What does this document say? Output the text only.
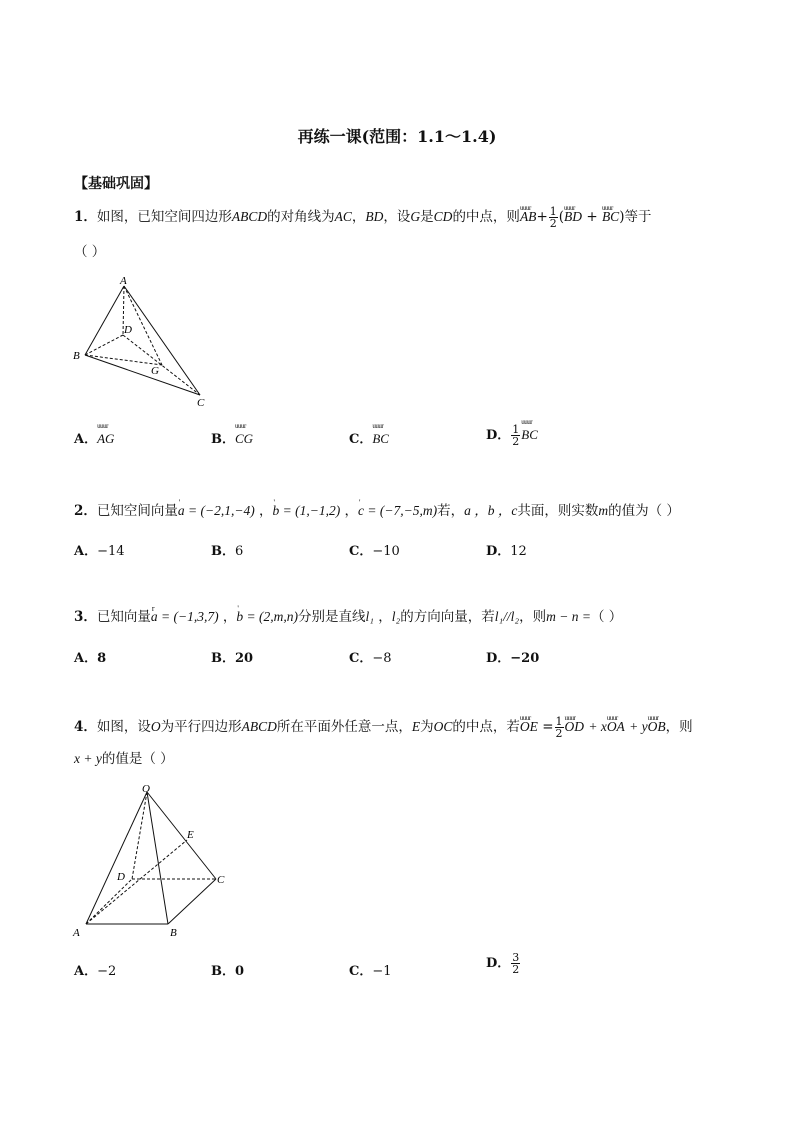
再练一课(范围：1.1～1.4)
【基础巩固】
1．如图，已知空间四边形ABCD的对角线为AC，BD，设G是CD的中点，则uuur $AB+ \frac{1}{2}$ (uuur BD + uuur BC)等于
（ ）
A
B
C
D
G
A．uuur AG	B．uuur CG	C．uuur BC	D． $\frac{1}{2}$ uuur BC
2．已知空间向量' a = (−2,1,−4) ，' b = (1,−1,2) ，' c = (−7,−5,m)若，a ，b ，c共面，则实数m的值为（ ）
A．−14	B．6	C．−10	D．12
3．已知向量r a = (−1,3,7) ，' b = (2,m,n)分别是直线l₁ ，l₂的方向向量，若l₁//l₂，则m − n =（ ）
A．8	B．20	C．−8	D．−20
4．如图，设O为平行四边形ABCD所在平面外任意一点，E为OC的中点，若uuur OE = $\frac{1}{2}$ uuur OD + xuuur OA + yuuur OB，则
x + y的值是（ ）
O
E
D	C
A	B
A．−2	B．0	C．−1
D． $\frac{3}{2}$
